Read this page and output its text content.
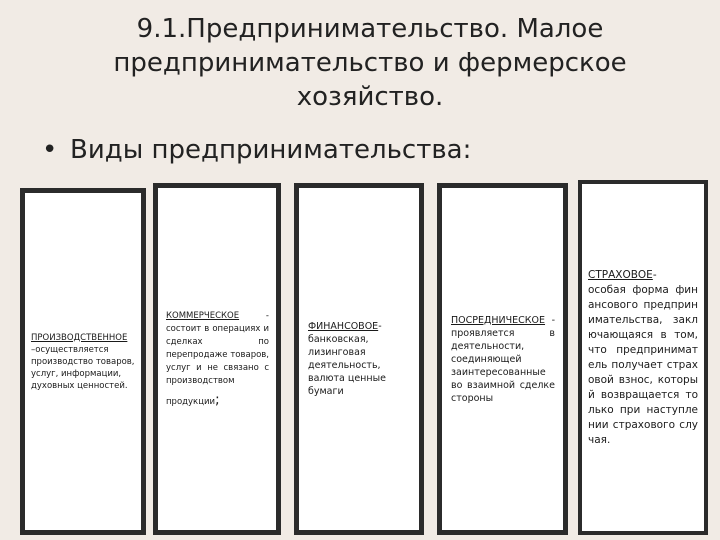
9.1.Предпринимательство. Малое
предпринимательство и фермерское
хозяйство.
• Виды предпринимательства:
ПРОИЗВОДСТВЕННОЕ
–осуществляется производство товаров, услуг, информации, духовных ценностей.
КОММЕРЧЕСКОЕ	-
состоит в операциях и сделках по перепродаже товаров, услуг и не связано с производством
продукции;
ФИНАНСОВОЕ- банковская, лизинговая деятельность, валюта ценные бумаги
ПОСРЕДНИЧЕСКОЕ -
проявляется в деятельности, соединяющей заинтересованные во взаимной сделке стороны
СТРАХОВОЕ-
особая форма финансового предпринимательства, заключающаяся в том, что предприниматель получает страховой взнос, который возвращается только при наступлении страхового случая.
